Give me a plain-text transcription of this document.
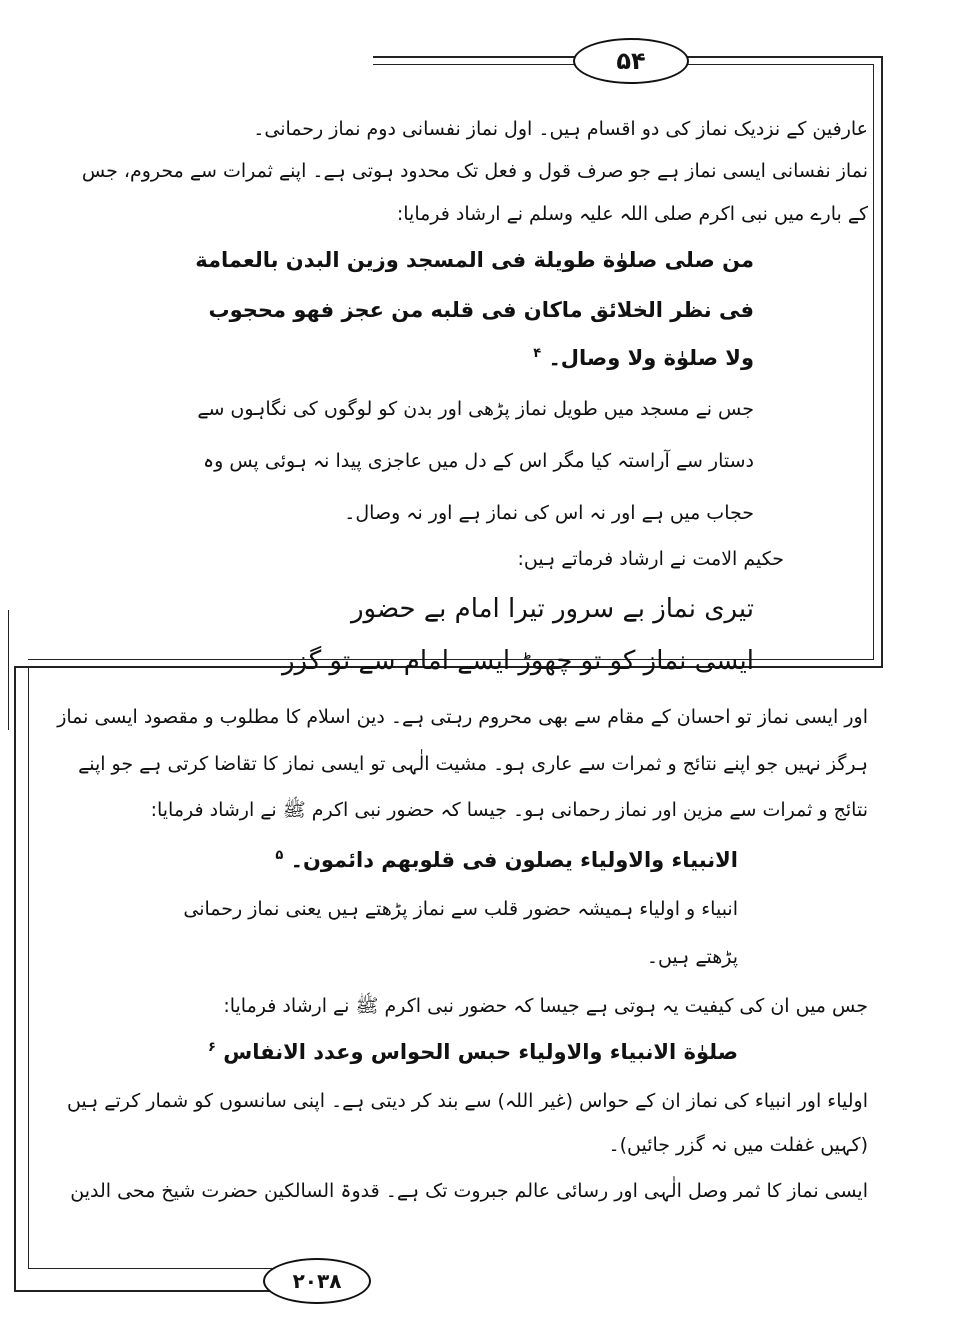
۵۴
۲۰۳۸
عارفین کے نزدیک نماز کی دو اقسام ہیں۔ اول نماز نفسانی دوم نماز رحمانی۔
نماز نفسانی ایسی نماز ہے جو صرف قول و فعل تک محدود ہوتی ہے۔ اپنے ثمرات سے محروم، جس
کے بارے میں نبی اکرم صلی اللہ علیہ وسلم نے ارشاد فرمایا:
من صلى صلوٰة طويلة فى المسجد وزين البدن بالعمامة
فى نظر الخلائق ماكان فى قلبه من عجز فهو محجوب
ولا صلوٰة ولا وصال۔ $^۴$
جس نے مسجد میں طویل نماز پڑھی اور بدن کو لوگوں کی نگاہوں سے
دستار سے آراستہ کیا مگر اس کے دل میں عاجزی پیدا نہ ہوئی پس وہ
حجاب میں ہے اور نہ اس کی نماز ہے اور نہ وصال۔
حکیم الامت نے ارشاد فرماتے ہیں:
تیری نماز بے سرور تیرا امام بے حضور
ایسی نماز کو تو چھوڑ ایسے امام سے تو گزر
اور ایسی نماز تو احسان کے مقام سے بھی محروم رہتی ہے۔ دین اسلام کا مطلوب و مقصود ایسی نماز
ہرگز نہیں جو اپنے نتائج و ثمرات سے عاری ہو۔ مشیت الٰہی تو ایسی نماز کا تقاضا کرتی ہے جو اپنے
نتائج و ثمرات سے مزین اور نماز رحمانی ہو۔ جیسا کہ حضور نبی اکرم ﷺ نے ارشاد فرمایا:
الانبياء والاولياء يصلون فى قلوبهم دائمون۔ $^۵$
انبیاء و اولیاء ہمیشہ حضور قلب سے نماز پڑھتے ہیں یعنی نماز رحمانی
پڑھتے ہیں۔
جس میں ان کی کیفیت یہ ہوتی ہے جیسا کہ حضور نبی اکرم ﷺ نے ارشاد فرمایا:
صلوٰة الانبياء والاولياء حبس الحواس وعدد الانفاس $^۶$
اولیاء اور انبیاء کی نماز ان کے حواس (غیر اللہ) سے بند کر دیتی ہے۔ اپنی سانسوں کو شمار کرتے ہیں
(کہیں غفلت میں نہ گزر جائیں)۔
ایسی نماز کا ثمر وصل الٰہی اور رسائی عالم جبروت تک ہے۔ قدوۃ السالکین حضرت شیخ محی الدین
